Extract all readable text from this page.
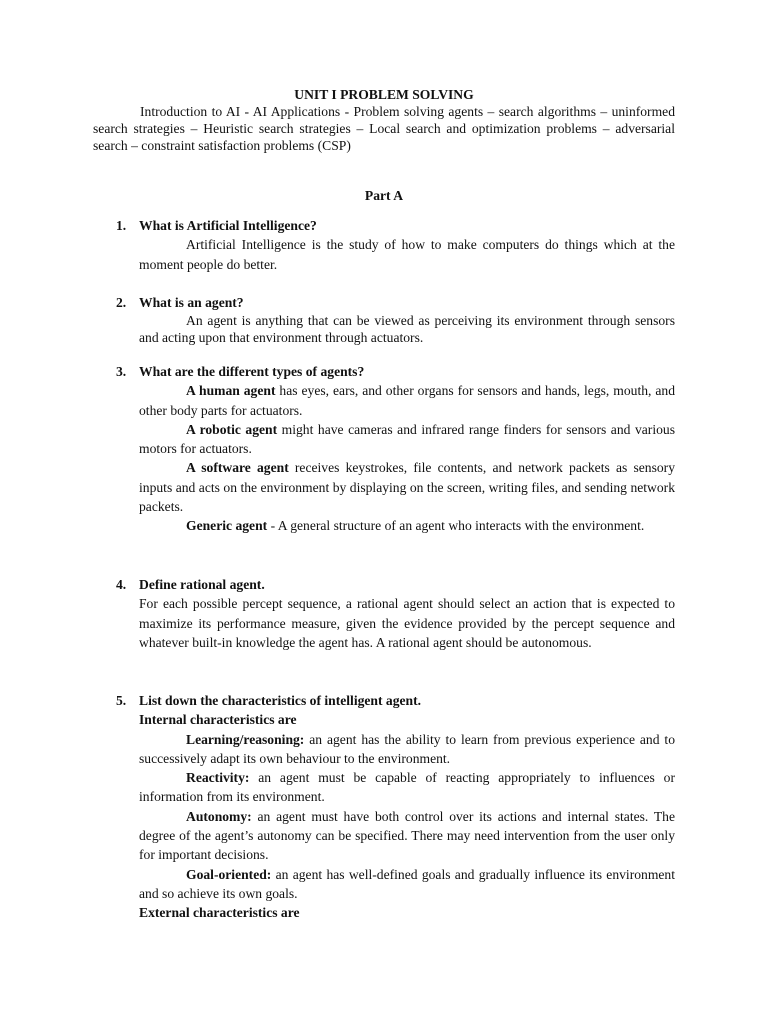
UNIT I PROBLEM SOLVING
Introduction to AI - AI Applications - Problem solving agents – search algorithms – uninformed search strategies – Heuristic search strategies – Local search and optimization problems – adversarial search – constraint satisfaction problems (CSP)
Part A
1. What is Artificial Intelligence?

Artificial Intelligence is the study of how to make computers do things which at the moment people do better.

2. What is an agent?

An agent is anything that can be viewed as perceiving its environment through sensors and acting upon that environment through actuators.

3. What are the different types of agents?

A human agent has eyes, ears, and other organs for sensors and hands, legs, mouth, and other body parts for actuators.

A robotic agent might have cameras and infrared range finders for sensors and various motors for actuators.

A software agent receives keystrokes, file contents, and network packets as sensory inputs and acts on the environment by displaying on the screen, writing files, and sending network packets.

Generic agent - A general structure of an agent who interacts with the environment.

4. Define rational agent.

For each possible percept sequence, a rational agent should select an action that is expected to maximize its performance measure, given the evidence provided by the percept sequence and whatever built-in knowledge the agent has. A rational agent should be autonomous.

5. List down the characteristics of intelligent agent.
Internal characteristics are

Learning/reasoning: an agent has the ability to learn from previous experience and to successively adapt its own behaviour to the environment.

Reactivity: an agent must be capable of reacting appropriately to influences or information from its environment.

Autonomy: an agent must have both control over its actions and internal states. The degree of the agent’s autonomy can be specified. There may need intervention from the user only for important decisions.

Goal-oriented: an agent has well-defined goals and gradually influence its environment and so achieve its own goals.

External characteristics are
